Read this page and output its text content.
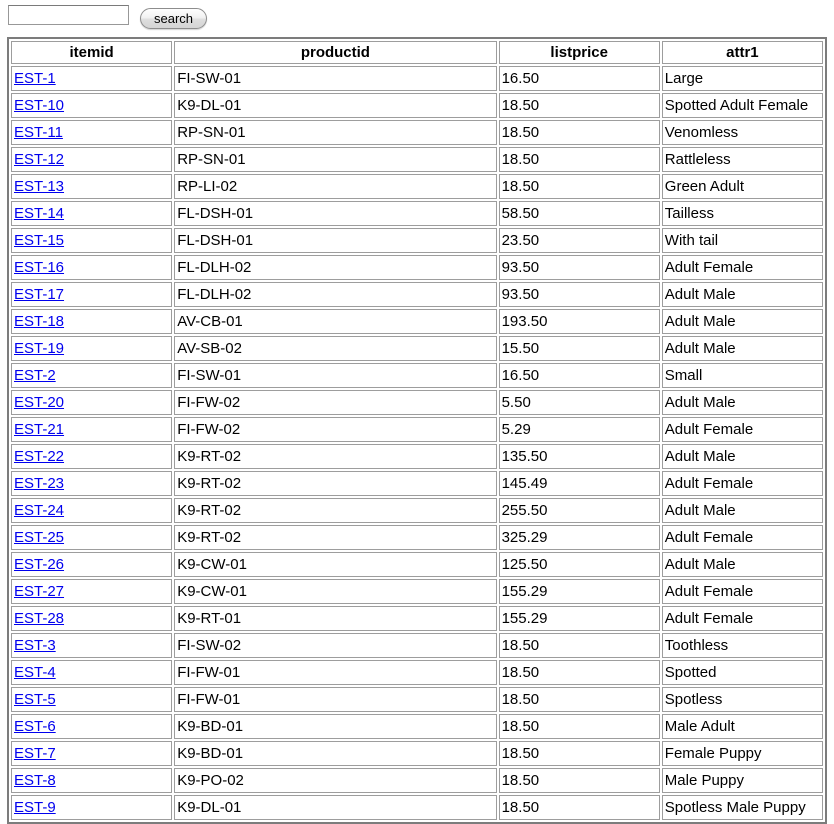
search
itemid	productid	listprice	attr1
EST-1	FI-SW-01	16.50	Large
EST-10	K9-DL-01	18.50	Spotted Adult Female
EST-11	RP-SN-01	18.50	Venomless
EST-12	RP-SN-01	18.50	Rattleless
EST-13	RP-LI-02	18.50	Green Adult
EST-14	FL-DSH-01	58.50	Tailless
EST-15	FL-DSH-01	23.50	With tail
EST-16	FL-DLH-02	93.50	Adult Female
EST-17	FL-DLH-02	93.50	Adult Male
EST-18	AV-CB-01	193.50	Adult Male
EST-19	AV-SB-02	15.50	Adult Male
EST-2	FI-SW-01	16.50	Small
EST-20	FI-FW-02	5.50	Adult Male
EST-21	FI-FW-02	5.29	Adult Female
EST-22	K9-RT-02	135.50	Adult Male
EST-23	K9-RT-02	145.49	Adult Female
EST-24	K9-RT-02	255.50	Adult Male
EST-25	K9-RT-02	325.29	Adult Female
EST-26	K9-CW-01	125.50	Adult Male
EST-27	K9-CW-01	155.29	Adult Female
EST-28	K9-RT-01	155.29	Adult Female
EST-3	FI-SW-02	18.50	Toothless
EST-4	FI-FW-01	18.50	Spotted
EST-5	FI-FW-01	18.50	Spotless
EST-6	K9-BD-01	18.50	Male Adult
EST-7	K9-BD-01	18.50	Female Puppy
EST-8	K9-PO-02	18.50	Male Puppy
EST-9	K9-DL-01	18.50	Spotless Male Puppy
